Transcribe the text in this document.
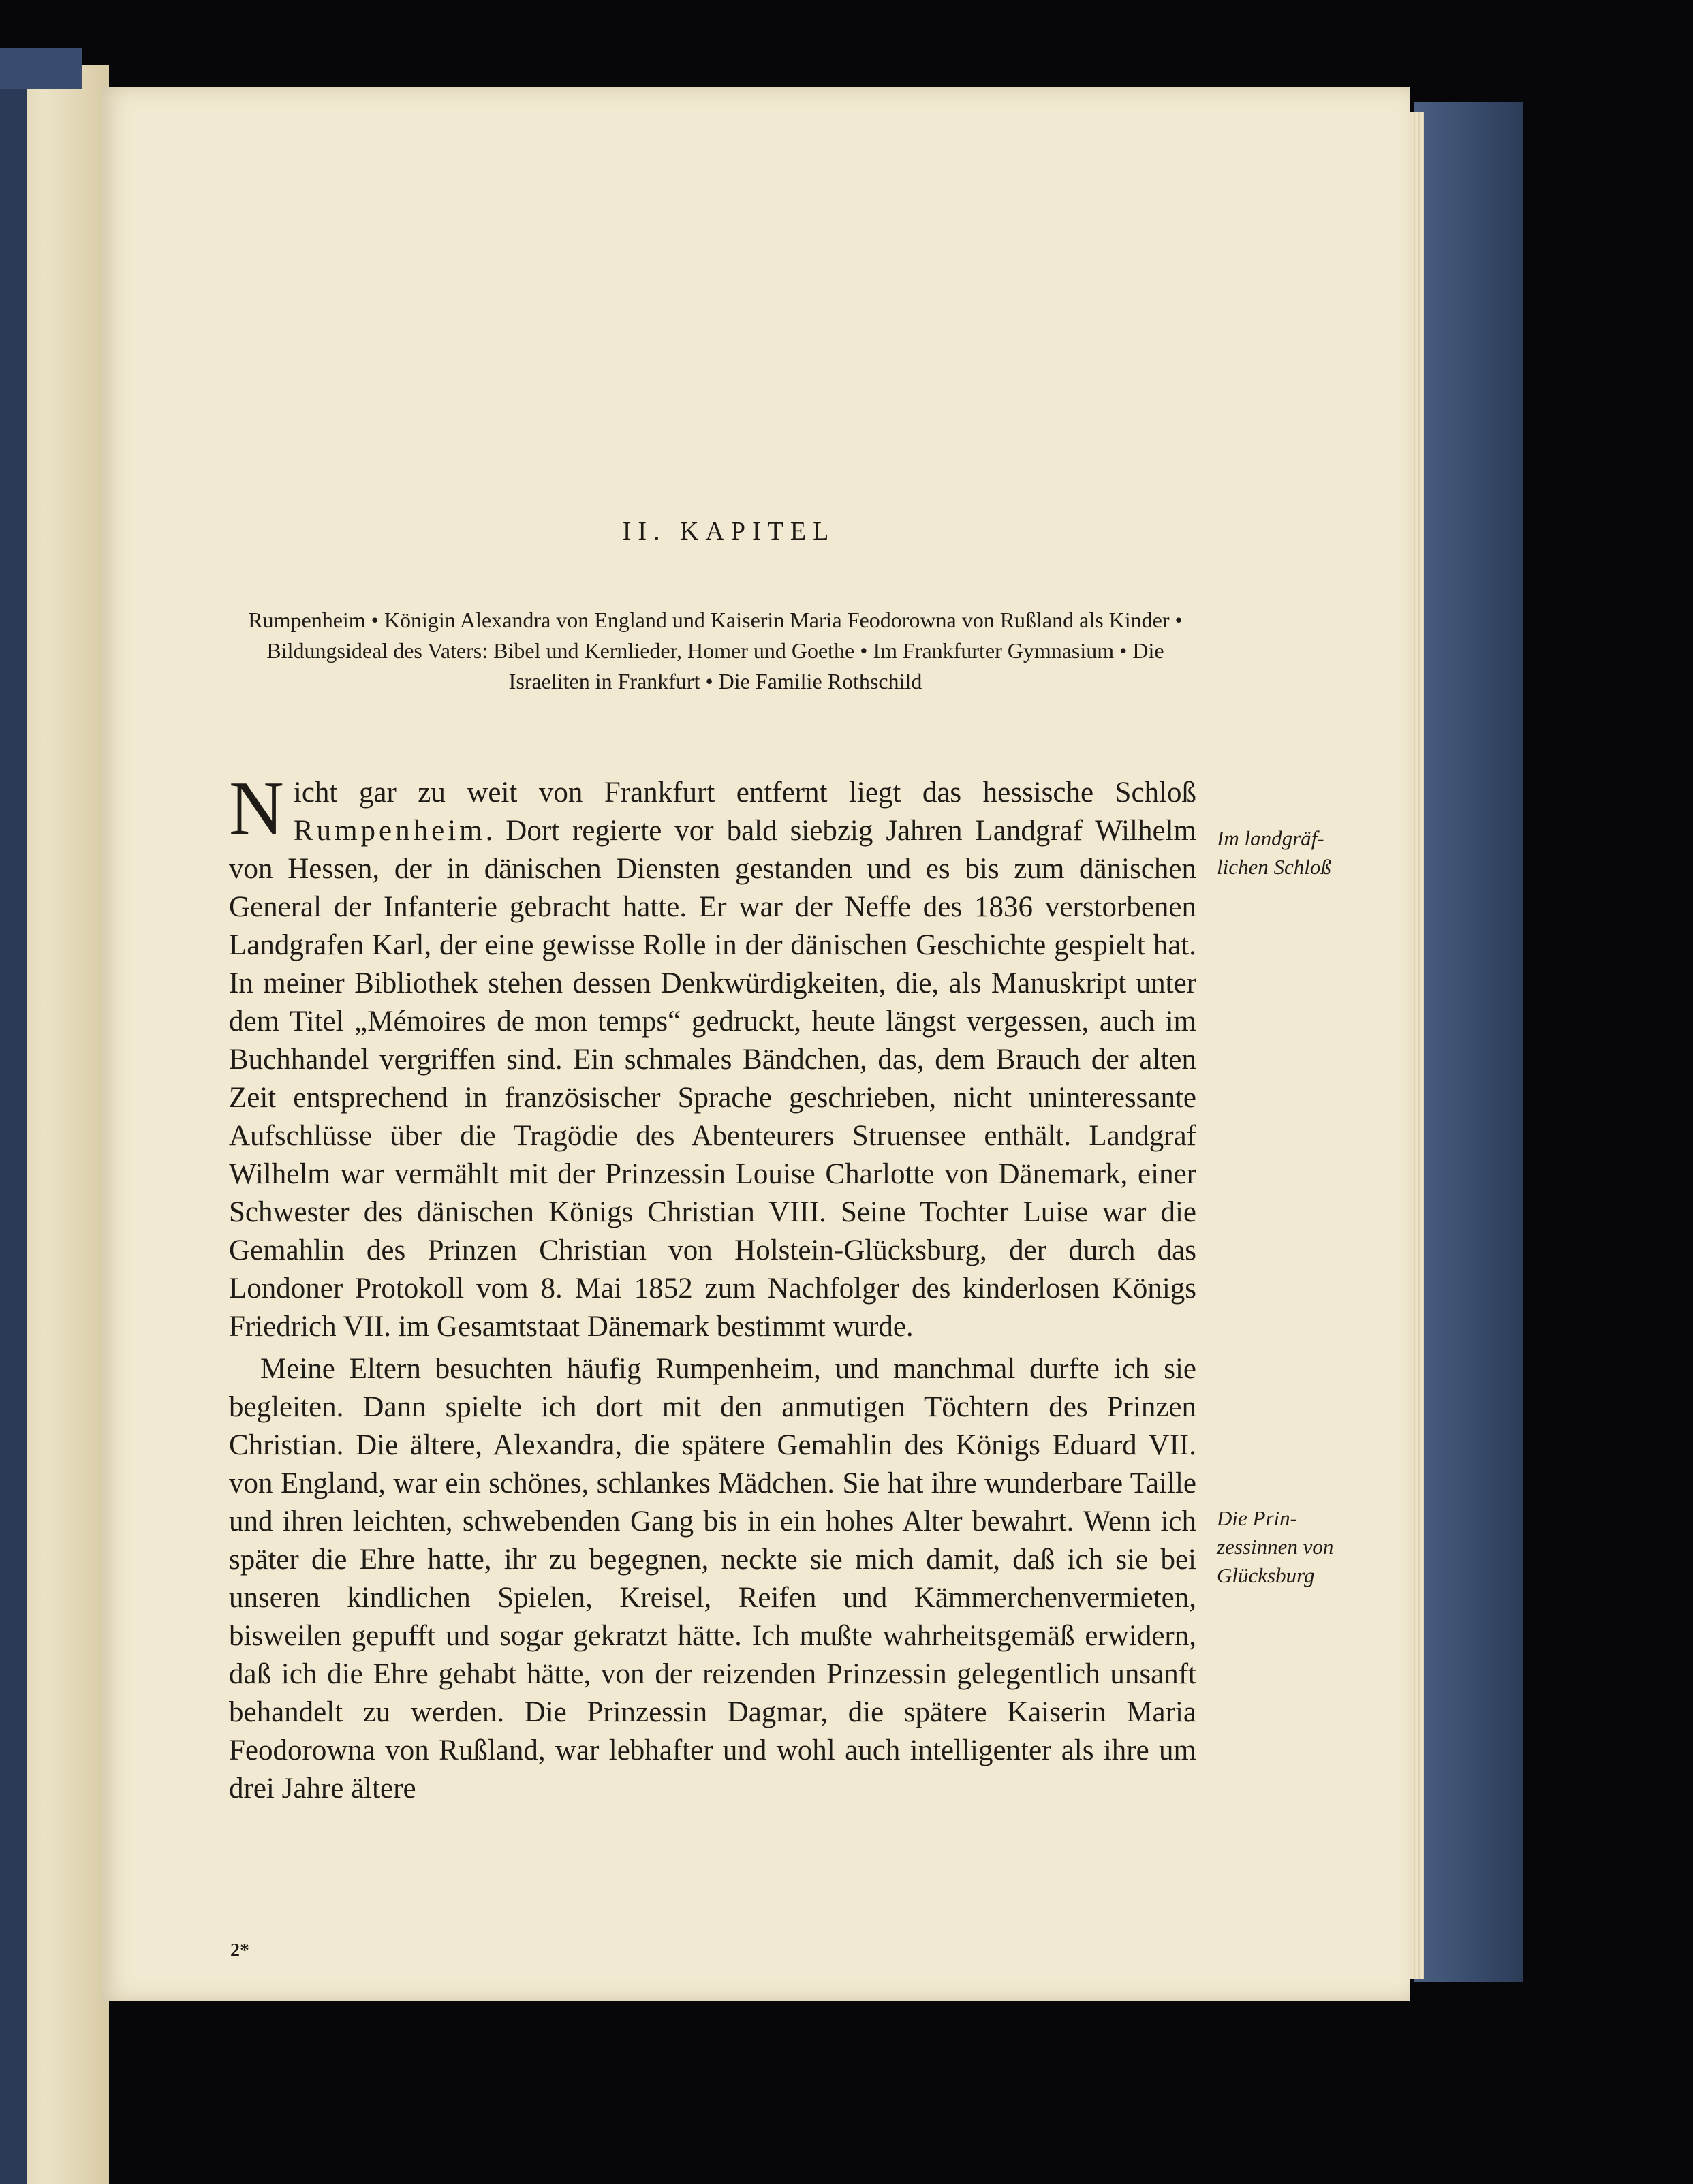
II. KAPITEL

Rumpenheim • Königin Alexandra von England und Kaiserin Maria Feodorowna von Rußland als Kinder • Bildungsideal des Vaters: Bibel und Kernlieder, Homer und Goethe • Im Frankfurter Gymnasium • Die Israeliten in Frankfurt • Die Familie Rothschild

Nicht gar zu weit von Frankfurt entfernt liegt das hessische Schloß Rumpenheim. Dort regierte vor bald siebzig Jahren Landgraf Wilhelm von Hessen, der in dänischen Diensten gestanden und es bis zum dänischen General der Infanterie gebracht hatte. Er war der Neffe des 1836 verstorbenen Landgrafen Karl, der eine gewisse Rolle in der dänischen Geschichte gespielt hat. In meiner Bibliothek stehen dessen Denkwürdigkeiten, die, als Manuskript unter dem Titel „Mémoires de mon temps“ gedruckt, heute längst vergessen, auch im Buchhandel vergriffen sind. Ein schmales Bändchen, das, dem Brauch der alten Zeit entsprechend in französischer Sprache geschrieben, nicht uninteressante Aufschlüsse über die Tragödie des Abenteurers Struensee enthält. Landgraf Wilhelm war vermählt mit der Prinzessin Louise Charlotte von Dänemark, einer Schwester des dänischen Königs Christian VIII. Seine Tochter Luise war die Gemahlin des Prinzen Christian von Holstein-Glücksburg, der durch das Londoner Protokoll vom 8. Mai 1852 zum Nachfolger des kinderlosen Königs Friedrich VII. im Gesamtstaat Dänemark bestimmt wurde.

Meine Eltern besuchten häufig Rumpenheim, und manchmal durfte ich sie begleiten. Dann spielte ich dort mit den anmutigen Töchtern des Prinzen Christian. Die ältere, Alexandra, die spätere Gemahlin des Königs Eduard VII. von England, war ein schönes, schlankes Mädchen. Sie hat ihre wunderbare Taille und ihren leichten, schwebenden Gang bis in ein hohes Alter bewahrt. Wenn ich später die Ehre hatte, ihr zu begegnen, neckte sie mich damit, daß ich sie bei unseren kindlichen Spielen, Kreisel, Reifen und Kämmerchenvermieten, bisweilen gepufft und sogar gekratzt hätte. Ich mußte wahrheitsgemäß erwidern, daß ich die Ehre gehabt hätte, von der reizenden Prinzessin gelegentlich unsanft behandelt zu werden. Die Prinzessin Dagmar, die spätere Kaiserin Maria Feodorowna von Rußland, war lebhafter und wohl auch intelligenter als ihre um drei Jahre ältere

Im landgräf-
lichen Schloß
Die Prin-
zessinnen von
Glücksburg
2*
